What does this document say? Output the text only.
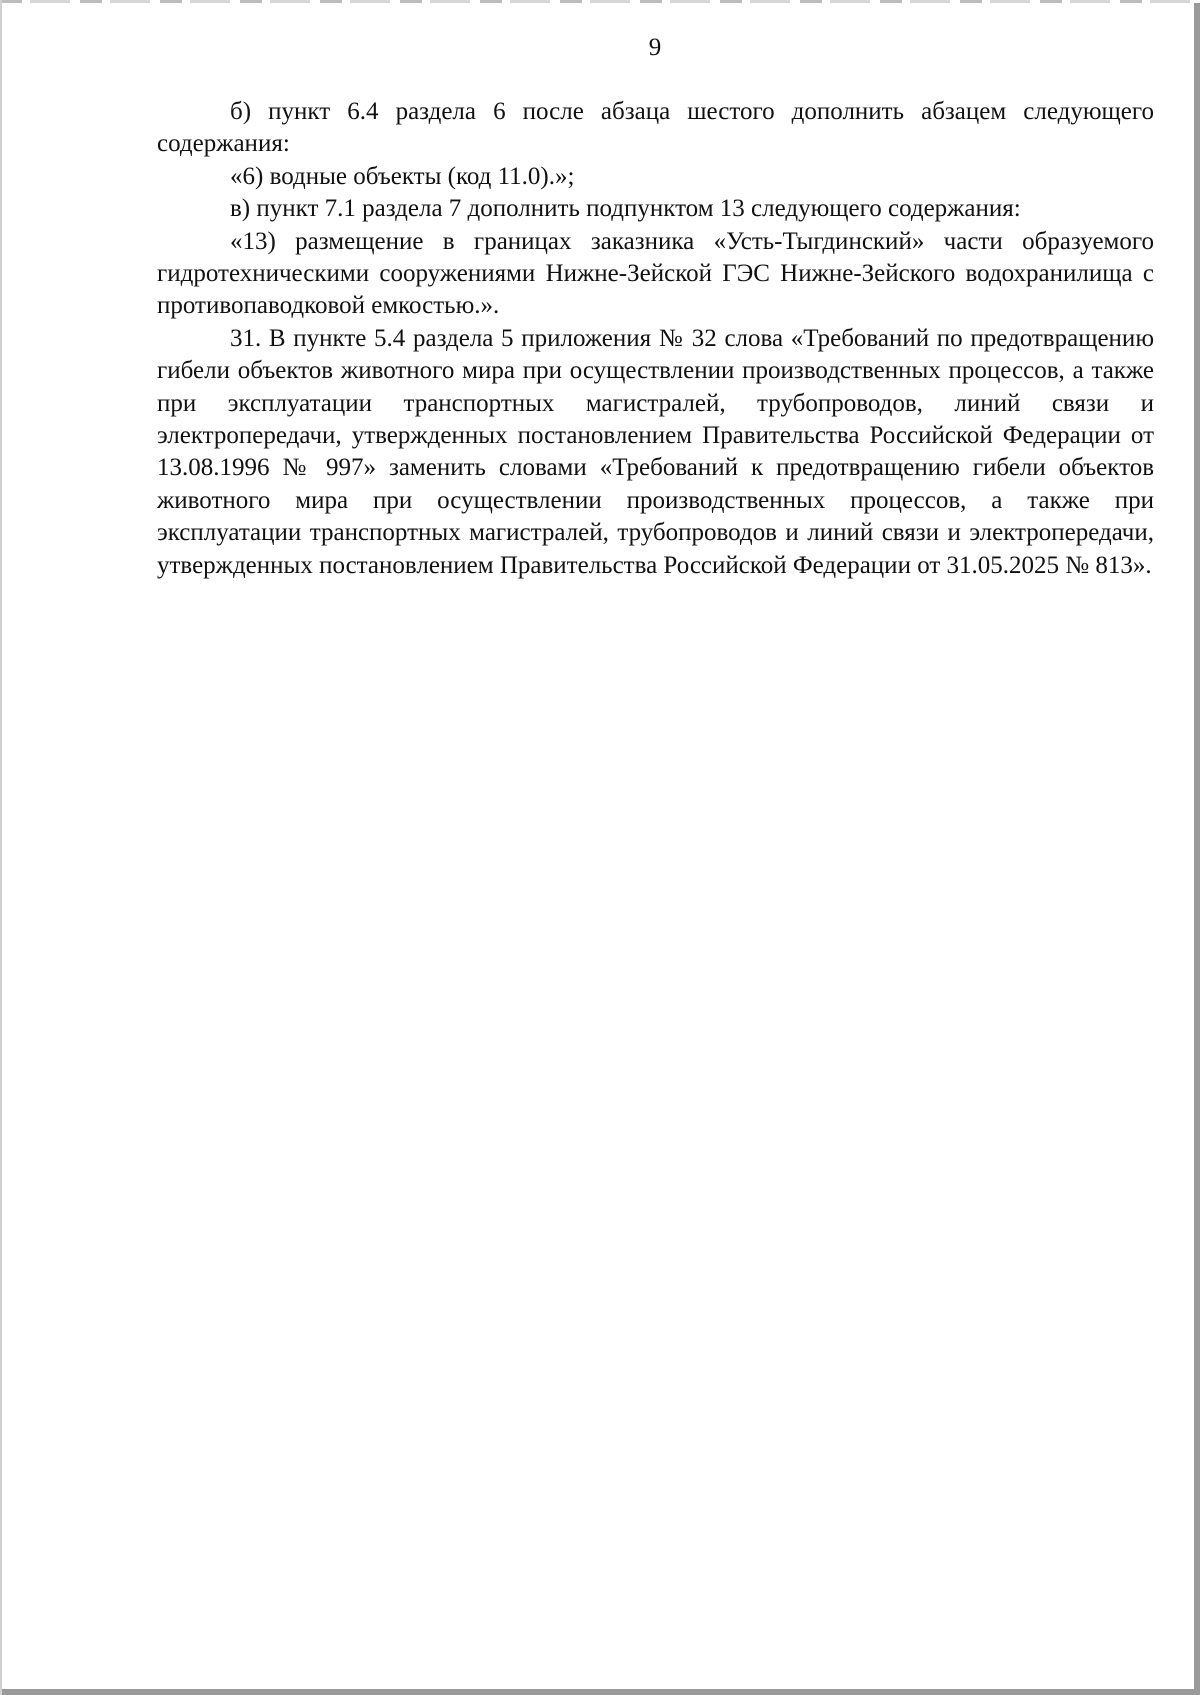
9

б) пункт 6.4 раздела 6 после абзаца шестого дополнить абзацем следующего содержания:

«6) водные объекты (код 11.0).»;

в) пункт 7.1 раздела 7 дополнить подпунктом 13 следующего содержания:

«13) размещение в границах заказника «Усть-Тыгдинский» части образуемого гидротехническими сооружениями Нижне-Зейской ГЭС Нижне-Зейского водохранилища с противопаводковой емкостью.».

31. В пункте 5.4 раздела 5 приложения № 32 слова «Требований по предотвращению гибели объектов животного мира при осуществлении производственных процессов, а также при эксплуатации транспортных магистралей, трубопроводов, линий связи и электропередачи, утвержденных постановлением Правительства Российской Федерации от 13.08.1996 № 997» заменить словами «Требований к предотвращению гибели объектов животного мира при осуществлении производственных процессов, а также при эксплуатации транспортных магистралей, трубопроводов и линий связи и электропередачи, утвержденных постановлением Правительства Российской Федерации от 31.05.2025 № 813».
